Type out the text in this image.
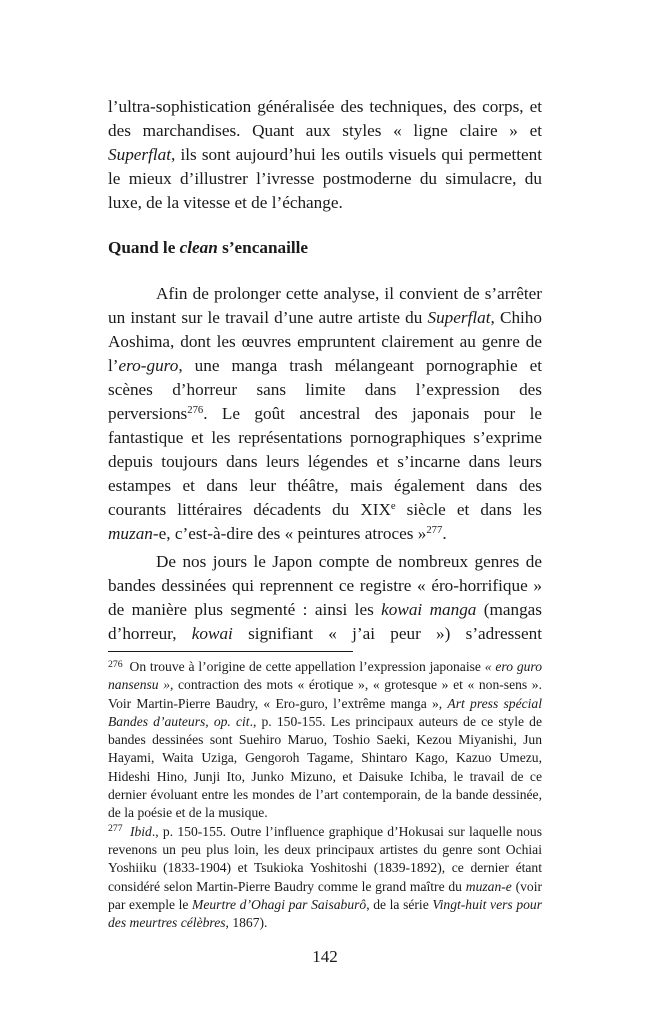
l’ultra-sophistication généralisée des techniques, des corps, et des marchandises. Quant aux styles « ligne claire » et Superflat, ils sont aujourd’hui les outils visuels qui permettent le mieux d’illustrer l’ivresse postmoderne du simulacre, du luxe, de la vitesse et de l’échange.

Quand le clean s’encanaille

Afin de prolonger cette analyse, il convient de s’arrêter un instant sur le travail d’une autre artiste du Superflat, Chiho Aoshima, dont les œuvres empruntent clairement au genre de l’ero-guro, une manga trash mélangeant pornographie et scènes d’horreur sans limite dans l’expression des perversions$^{276}$. Le goût ancestral des japonais pour le fantastique et les représentations pornographiques s’exprime depuis toujours dans leurs légendes et s’incarne dans leurs estampes et dans leur théâtre, mais également dans des courants littéraires décadents du XIXe siècle et dans les muzan-e, c’est-à-dire des « peintures atroces »$^{277}$.

De nos jours le Japon compte de nombreux genres de bandes dessinées qui reprennent ce registre « éro-horrifique » de manière plus segmenté : ainsi les kowai manga (mangas d’horreur, kowai signifiant « j’ai peur ») s’adressent

$^{276}$ On trouve à l’origine de cette appellation l’expression japonaise « ero guro nansensu », contraction des mots « érotique », « grotesque » et « non-sens ». Voir Martin-Pierre Baudry, « Ero-guro, l’extrême manga », Art press spécial Bandes d’auteurs, op. cit., p. 150-155. Les principaux auteurs de ce style de bandes dessinées sont Suehiro Maruo, Toshio Saeki, Kezou Miyanishi, Jun Hayami, Waita Uziga, Gengoroh Tagame, Shintaro Kago, Kazuo Umezu, Hideshi Hino, Junji Ito, Junko Mizuno, et Daisuke Ichiba, le travail de ce dernier évoluant entre les mondes de l’art contemporain, de la bande dessinée, de la poésie et de la musique.

$^{277}$ Ibid., p. 150-155. Outre l’influence graphique d’Hokusai sur laquelle nous revenons un peu plus loin, les deux principaux artistes du genre sont Ochiai Yoshiiku (1833-1904) et Tsukioka Yoshitoshi (1839-1892), ce dernier étant considéré selon Martin-Pierre Baudry comme le grand maître du muzan-e (voir par exemple le Meurtre d’Ohagi par Saisaburô, de la série Vingt-huit vers pour des meurtres célèbres, 1867).

142
